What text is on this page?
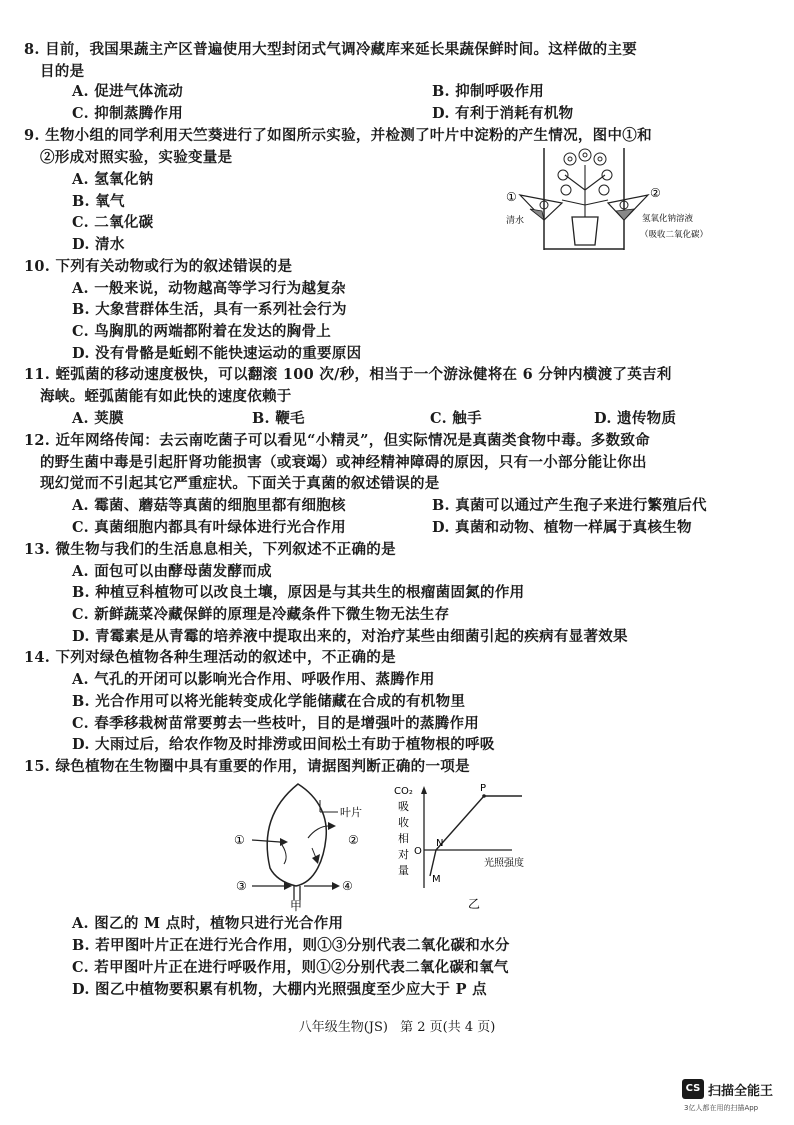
8. 目前，我国果蔬主产区普遍使用大型封闭式气调冷藏库来延长果蔬保鲜时间。这样做的主要
目的是
A. 促进气体流动	B. 抑制呼吸作用
C. 抑制蒸腾作用	D. 有利于消耗有机物
9. 生物小组的同学利用天竺葵进行了如图所示实验，并检测了叶片中淀粉的产生情况，图中①和
②形成对照实验，实验变量是
A. 氢氧化钠
B. 氧气
C. 二氧化碳
D. 清水
①	②
清水	氢氧化钠溶液
（吸收二氧化碳）
10. 下列有关动物或行为的叙述错误的是
A. 一般来说，动物越高等学习行为越复杂
B. 大象营群体生活，具有一系列社会行为
C. 鸟胸肌的两端都附着在发达的胸骨上
D. 没有骨骼是蚯蚓不能快速运动的重要原因
11. 蛭弧菌的移动速度极快，可以翻滚 100 次/秒，相当于一个游泳健将在 6 分钟内横渡了英吉利
海峡。蛭弧菌能有如此快的速度依赖于
A. 荚膜	B. 鞭毛	C. 触手	D. 遗传物质
12. 近年网络传闻：去云南吃菌子可以看见“小精灵”，但实际情况是真菌类食物中毒。多数致命
的野生菌中毒是引起肝肾功能损害（或衰竭）或神经精神障碍的原因，只有一小部分能让你出
现幻觉而不引起其它严重症状。下面关于真菌的叙述错误的是
A. 霉菌、蘑菇等真菌的细胞里都有细胞核	B. 真菌可以通过产生孢子来进行繁殖后代
C. 真菌细胞内都具有叶绿体进行光合作用	D. 真菌和动物、植物一样属于真核生物
13. 微生物与我们的生活息息相关，下列叙述不正确的是
A. 面包可以由酵母菌发酵而成
B. 种植豆科植物可以改良土壤，原因是与其共生的根瘤菌固氮的作用
C. 新鲜蔬菜冷藏保鲜的原理是冷藏条件下微生物无法生存
D. 青霉素是从青霉的培养液中提取出来的，对治疗某些由细菌引起的疾病有显著效果
14. 下列对绿色植物各种生理活动的叙述中，不正确的是
A. 气孔的开闭可以影响光合作用、呼吸作用、蒸腾作用
B. 光合作用可以将光能转变成化学能储藏在合成的有机物里
C. 春季移栽树苗常要剪去一些枝叶，目的是增强叶的蒸腾作用
D. 大雨过后，给农作物及时排涝或田间松土有助于植物根的呼吸
15. 绿色植物在生物圈中具有重要的作用，请据图判断正确的一项是
叶片
①	②
③	④
甲
CO₂
吸
收
相
对
量
P
N
M
O
光照强度
乙
A. 图乙的 M 点时，植物只进行光合作用
B. 若甲图叶片正在进行光合作用，则①③分别代表二氧化碳和水分
C. 若甲图叶片正在进行呼吸作用，则①②分别代表二氧化碳和氧气
D. 图乙中植物要积累有机物，大棚内光照强度至少应大于 P 点
八年级生物(JS) 第 2 页(共 4 页)
CS 扫描全能王
3亿人都在用的扫描App
